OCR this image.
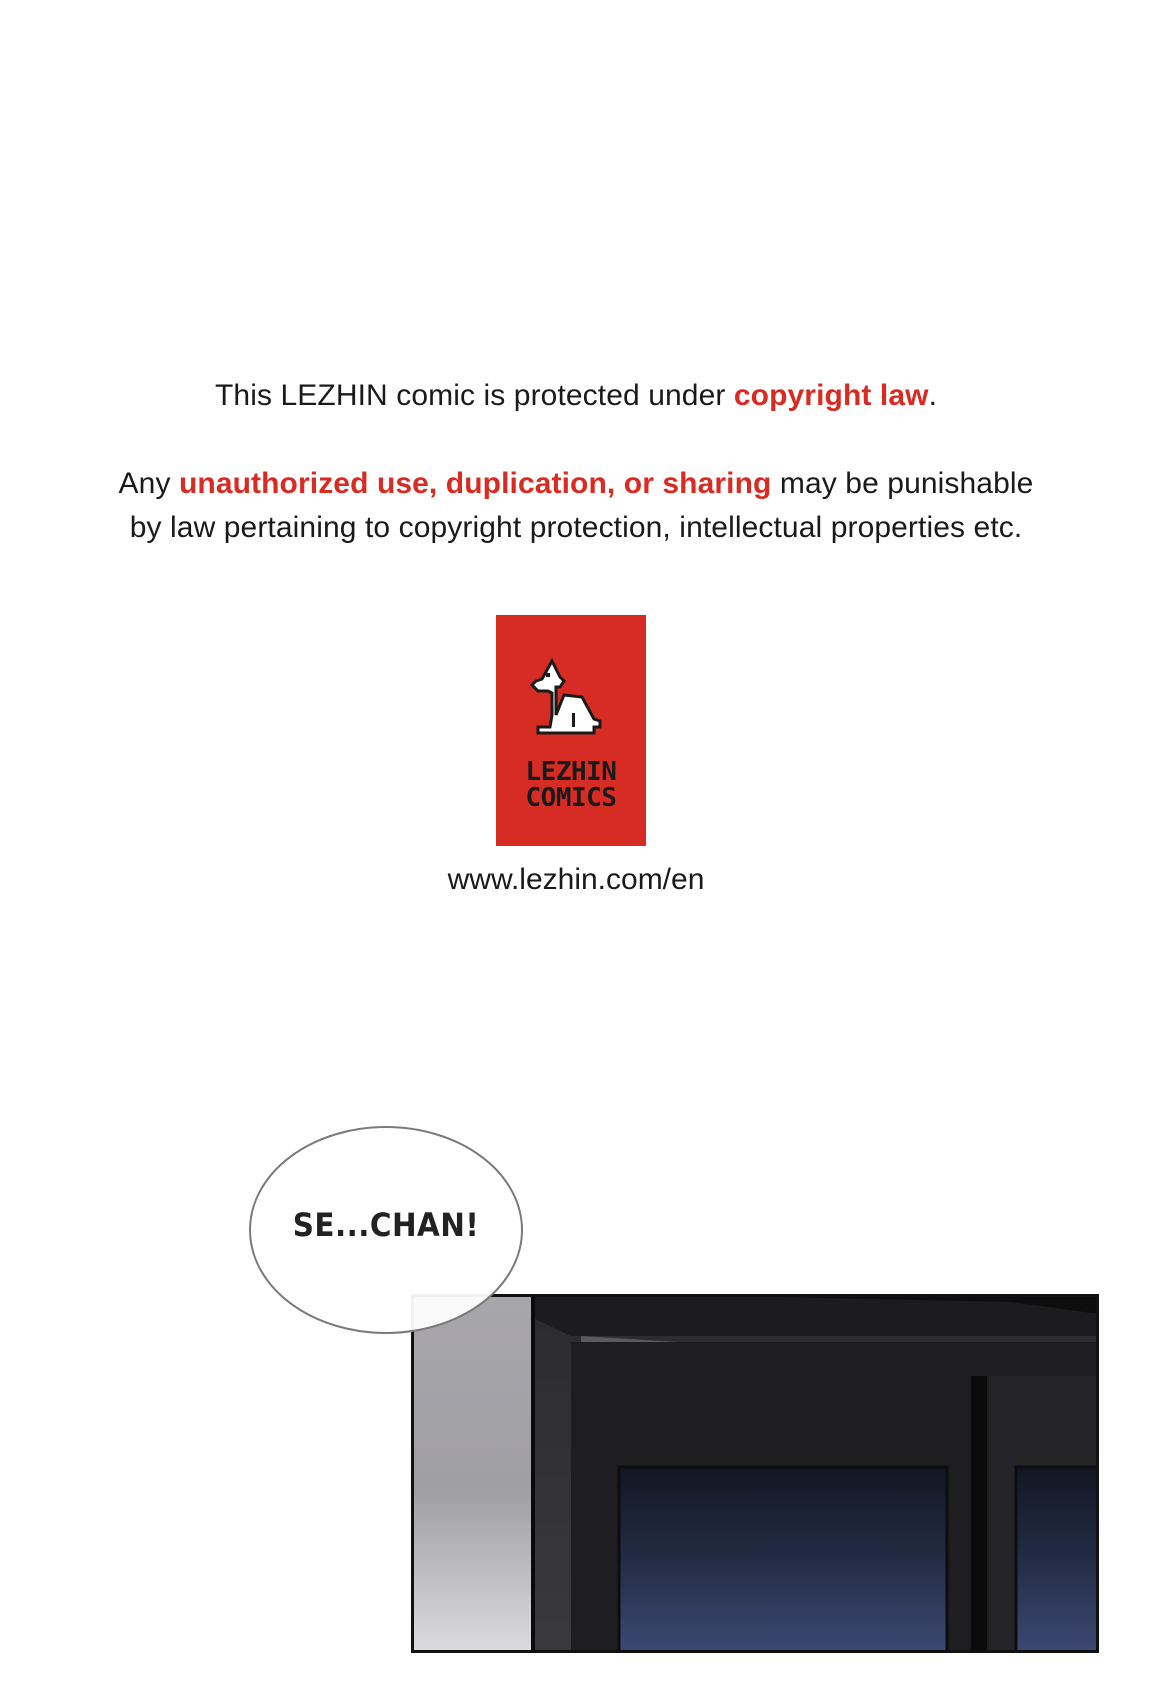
This LEZHIN comic is protected under copyright law.
Any unauthorized use, duplication, or sharing may be punishable
by law pertaining to copyright protection, intellectual properties etc.
LEZHIN
COMICS
www.lezhin.com/en
SE...CHAN!
